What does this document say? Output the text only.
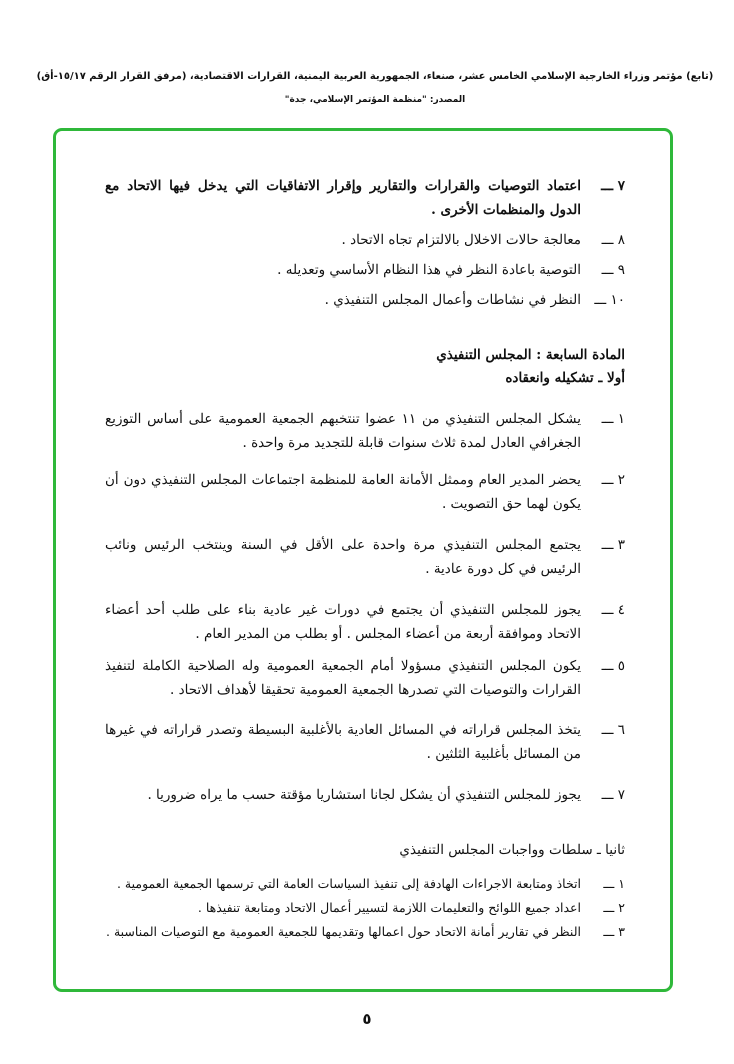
(تابع) مؤتمر وزراء الخارجية الإسلامي الخامس عشر، صنعاء، الجمهورية العربية اليمنية، القرارات الاقتصادية، (مرفق القرار الرقم ١٥/١٧-أق)
المصدر: "منظمة المؤتمر الإسلامي، جدة"
٧ ـــاعتماد التوصيات والقرارات والتقارير وإقرار الاتفاقيات التي يدخل فيها الاتحاد مع الدول والمنظمات الأخرى .
٨ ـــمعالجة حالات الاخلال بالالتزام تجاه الاتحاد .
٩ ـــالتوصية باعادة النظر في هذا النظام الأساسي وتعديله .
١٠ ـــالنظر في نشاطات وأعمال المجلس التنفيذي .
المادة السابعة : المجلس التنفيذي
أولا ـ تشكيله وانعقاده
١ ـــيشكل المجلس التنفيذي من ١١ عضوا تنتخبهم الجمعية العمومية على أساس التوزيع الجغرافي العادل لمدة ثلاث سنوات قابلة للتجديد مرة واحدة .
٢ ـــيحضر المدير العام وممثل الأمانة العامة للمنظمة اجتماعات المجلس التنفيذي دون أن يكون لهما حق التصويت .
٣ ـــيجتمع المجلس التنفيذي مرة واحدة على الأقل في السنة وينتخب الرئيس ونائب الرئيس في كل دورة عادية .
٤ ـــيجوز للمجلس التنفيذي أن يجتمع في دورات غير عادية بناء على طلب أحد أعضاء الاتحاد وموافقة أربعة من أعضاء المجلس . أو بطلب من المدير العام .
٥ ـــيكون المجلس التنفيذي مسؤولا أمام الجمعية العمومية وله الصلاحية الكاملة لتنفيذ القرارات والتوصيات التي تصدرها الجمعية العمومية تحقيقا لأهداف الاتحاد .
٦ ـــيتخذ المجلس قراراته في المسائل العادية بالأغلبية البسيطة وتصدر قراراته في غيرها من المسائل بأغلبية الثلثين .
٧ ـــيجوز للمجلس التنفيذي أن يشكل لجانا استشاريا مؤقتة حسب ما يراه ضروريا .
ثانيا ـ سلطات وواجبات المجلس التنفيذي
١ ـــاتخاذ ومتابعة الاجراءات الهادفة إلى تنفيذ السياسات العامة التي ترسمها الجمعية العمومية .
٢ ـــاعداد جميع اللوائح والتعليمات اللازمة لتسيير أعمال الاتحاد ومتابعة تنفيذها .
٣ ـــالنظر في تقارير أمانة الاتحاد حول اعمالها وتقديمها للجمعية العمومية مع التوصيات المناسبة .
٥
